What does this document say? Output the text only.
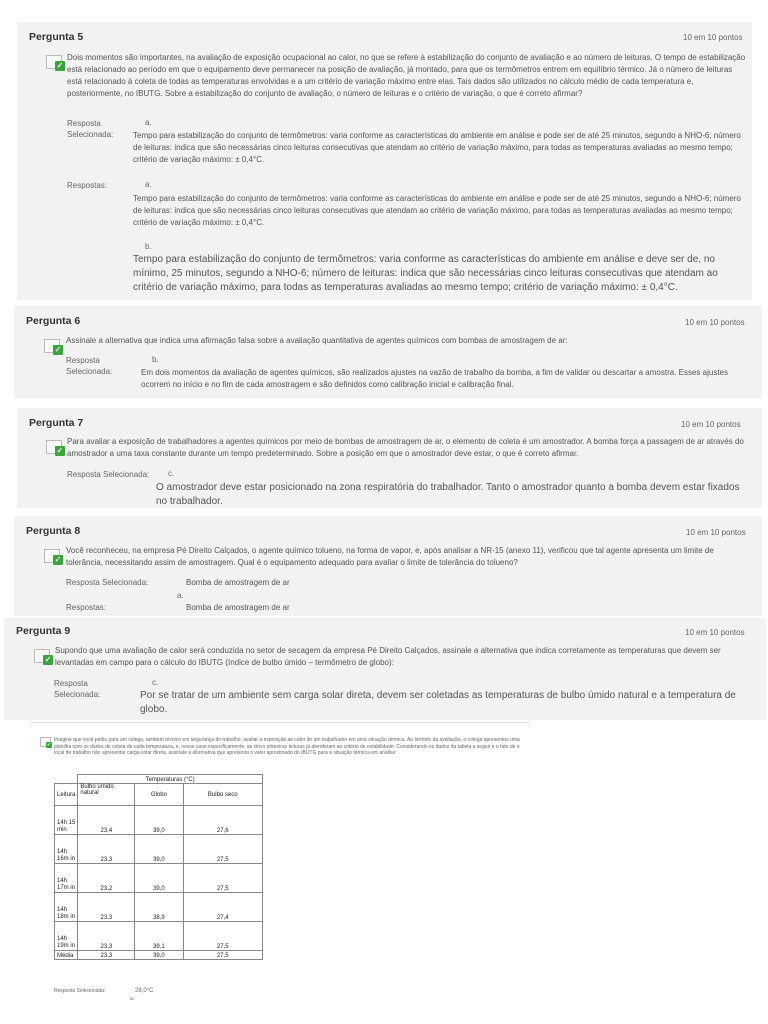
Pergunta 5	10 em 10 pontos
✓
Dois momentos são importantes, na avaliação de exposição ocupacional ao calor, no que se refere à estabilização do conjunto de avaliação e ao número de leituras. O tempo de estabilização está relacionado ao período em que o equipamento deve permanecer na posição de avaliação, já montado, para que os termômetros entrem em equilíbrio térmico. Já o número de leituras está relacionado à coleta de todas as temperaturas envolvidas e a um critério de variação máximo entre elas. Tais dados são utilizados no cálculo médio de cada temperatura e, posteriormente, no IBUTG. Sobre a estabilização do conjunto de avaliação, o número de leituras e o critério de variação, o que é correto afirmar?
Resposta
Selecionada:
a.
Tempo para estabilização do conjunto de termômetros: varia conforme as características do ambiente em análise e pode ser de até 25 minutos, segundo a NHO-6; número de leituras: indica que são necessárias cinco leituras consecutivas que atendam ao critério de variação máximo, para todas as temperaturas avaliadas ao mesmo tempo; critério de variação máximo: ± 0,4°C.
Respostas:	a.
Tempo para estabilização do conjunto de termômetros: varia conforme as características do ambiente em análise e pode ser de até 25 minutos, segundo a NHO-6; número de leituras: indica que são necessárias cinco leituras consecutivas que atendam ao critério de variação máximo, para todas as temperaturas avaliadas ao mesmo tempo; critério de variação máximo: ± 0,4°C.
b.
Tempo para estabilização do conjunto de termômetros: varia conforme as características do ambiente em análise e deve ser de, no mínimo, 25 minutos, segundo a NHO-6; número de leituras: indica que são necessárias cinco leituras consecutivas que atendam ao critério de variação máximo, para todas as temperaturas avaliadas ao mesmo tempo; critério de variação máximo: ± 0,4°C.
Pergunta 6	10 em 10 pontos
✓
Assinale a alternativa que indica uma afirmação falsa sobre a avaliação quantitativa de agentes químicos com bombas de amostragem de ar:
Resposta
Selecionada:
b.
Em dois momentos da avaliação de agentes químicos, são realizados ajustes na vazão de trabalho da bomba, a fim de validar ou descartar a amostra. Esses ajustes ocorrem no início e no fim de cada amostragem e são definidos como calibração inicial e calibração final.
Pergunta 7	10 em 10 pontos
✓
Para avaliar a exposição de trabalhadores a agentes químicos por meio de bombas de amostragem de ar, o elemento de coleta é um amostrador. A bomba força a passagem de ar através do amostrador a uma taxa constante durante um tempo predeterminado. Sobre a posição em que o amostrador deve estar, o que é correto afirmar.
Resposta Selecionada: c.
O amostrador deve estar posicionado na zona respiratória do trabalhador. Tanto o amostrador quanto a bomba devem estar fixados no trabalhador.
Pergunta 8	10 em 10 pontos
✓
Você reconheceu, na empresa Pé Direito Calçados, o agente químico tolueno, na forma de vapor, e, após analisar a NR-15 (anexo 11), verificou que tal agente apresenta um limite de tolerância, necessitando assim de amostragem. Qual é o equipamento adequado para avaliar o limite de tolerância do tolueno?
Resposta Selecionada:	Bomba de amostragem de ar
a.
Respostas:	Bomba de amostragem de ar
Pergunta 9	10 em 10 pontos
✓
Supondo que uma avaliação de calor será conduzida no setor de secagem da empresa Pé Direito Calçados, assinale a alternativa que indica corretamente as temperaturas que devem ser levantadas em campo para o cálculo do IBUTG (índice de bulbo úmido – termômetro de globo):
Resposta
Selecionada:
c.
Por se tratar de um ambiente sem carga solar direta, devem ser coletadas as temperaturas de bulbo úmido natural e a temperatura de globo.
✓
Imagine que você pediu para um colega, também técnico em segurança do trabalho, avaliar a exposição ao calor de um trabalhador em uma situação térmica. Ao término da avaliação, o colega apresentou uma planilha com os dados de coleta de cada temperatura, e, nesse caso especificamente, as cinco primeiras leituras já atenderam ao critério de estabilidade. Considerando os dados da tabela a seguir e o fato de o local de trabalho não apresentar carga solar direta, assinale a alternativa que apresenta o valor aproximado do IBUTG para a situação térmica em análise:
	Temperaturas (°C)		
Leitura	Bulbo úmido natural	Globo	Bulbo seco
14h 15 min	23,4	39,0	27,6
14h 16m in	23,3	39,0	27,5
14h 17m in	23,2	39,0	27,5
14h 18m in	23,3	38,9	27,4
14h 19m in	23,3	39,1	27,5
Média	23,3	39,0	27,5
Resposta Selecionada:	28,0°C
a.
